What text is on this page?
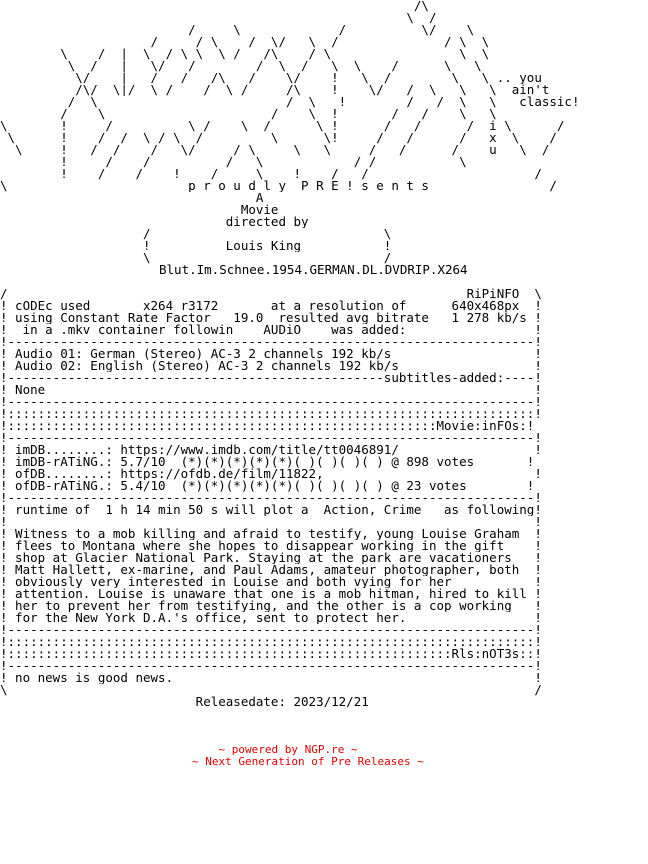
/\
_____                _______\  /___
____/ _   \_  __  ___   /          \/ _  \
___________/  _  / \   _/  \/   \ _/______________/ \  \
\    /  |  \  / \_\  \_/   /\    / \         ______  \  \
\  /   |   \/   /        /  \  /   \  \    /      \   \
\/ __ | __/  _/   /\   /    \/    !   \  /   __   \   \ .. you
/\/  \|/  \_/    /  \_/     /\    !    \/   /  \   \   \  ain't
/  \                         /  \   !        /   /  \   \   classic!
________/    \___________   ____    /    \  !       /   /    \___\________
\       !     /  __   _  \ /    \__/      \ !      /   /      /  i \      /
\      !    /  /  \ / \  /     _   \__    \!     /   /      /   x  \    /
\_____!___/  /    /   \/     /_\     \___\___  /   /______/    u   \__/
!     /    /          /   \          __/ /           \____________
________!____/____/____!____/_____\____!____/___/______________________/___
\_______________________ p r o u d l y  P R E ! s e n t s _______________/
A
Movie
__________directed by__________
/                               \
!          Louis King           !
_________________\_______________________________/_________________
Blut.Im.Schnee.1954.GERMAN.DL.DVDRIP.X264
______________________________________________________________________
/                                                            _RiPiNFO__\
! cODEc used       x264 r3172       at a resolution of      640x468px  !
! using Constant Rate Factor   19.0  resulted avg bitrate   1 278 kb/s !
!  in a .mkv container followin    AUDiO    was added:                 !
!----------------------------------------------------------------------!
! Audio 01: German (Stereo) AC-3 2 channels 192 kb/s                   !
! Audio 02: English (Stereo) AC-3 2 channels 192 kb/s                  !
!--------------------------------------------------subtitles-added:----!
! None                                                                 !
!----------------------------------------------------------------------!
!::::::::::::::::::::::::::::::::::::::::::::::::::::::::::::::::::::::!
!:::::::::::::::::::::::::::::::::::::::::::::::::::::::::Movie:inFOs:!
!----------------------------------------------------------------------!
! imDB........: https://www.imdb.com/title/tt0046891/                  !
! imDB-rATiNG.: 5.7/10  (*)(*)(*)(*)(*)( )( )( )( ) @ 898 votes       !
! ofDB........: https://ofdb.de/film/11822,                            !
! ofDB-rATiNG.: 5.4/10  (*)(*)(*)(*)(*)( )( )( )( ) @ 23 votes        !
!----------------------------------------------------------------------!
! runtime of  1 h 14 min 50 s will plot a  Action, Crime   as following!
!                                                                      !
! Witness to a mob killing and afraid to testify, young Louise Graham  !
! flees to Montana where she hopes to disappear working in the gift    !
! shop at Glacier National Park. Staying at the park are vacationers   !
! Matt Hallett, ex-marine, and Paul Adams, amateur photographer, both  !
! obviously very interested in Louise and both vying for her           !
! attention. Louise is unaware that one is a mob hitman, hired to kill !
! her to prevent her from testifying, and the other is a cop working   !
! for the New York D.A.'s office, sent to protect her.                 !
!----------------------------------------------------------------------!
!::::::::::::::::::::::::::::::::::::::::::::::::::::::::::::::::::::::!
!:::::::::::::::::::::::::::::::::::::::::::::::::::::::::::Rls:nOT3s::!
!----------------------------------------------------------------------!
! no news is good news.                                                !
\______________________________________________________________________/
Releasedate: 2023/12/21
~ powered by NGP.re ~
~ Next Generation of Pre Releases ~
